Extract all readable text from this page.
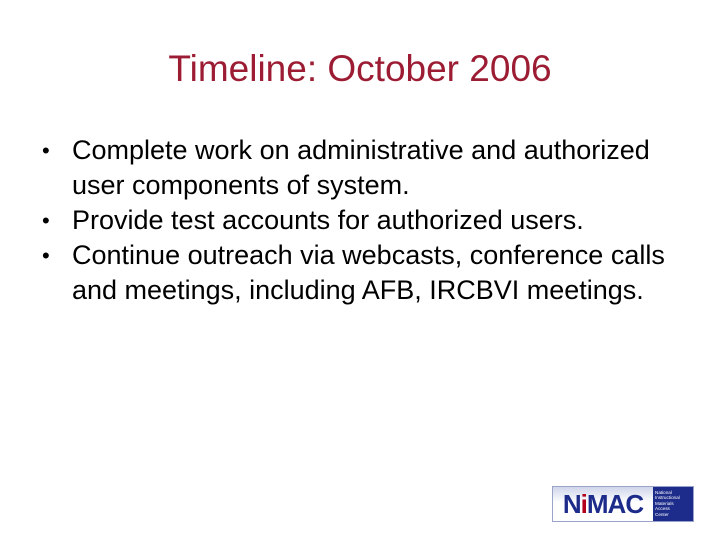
Timeline: October 2006
• Complete work on administrative and authorized user components of system.
• Provide test accounts for authorized users.
• Continue outreach via webcasts, conference calls and meetings, including AFB, IRCBVI meetings.
N i MAC	National
Instructional
Materials
Access
Center
